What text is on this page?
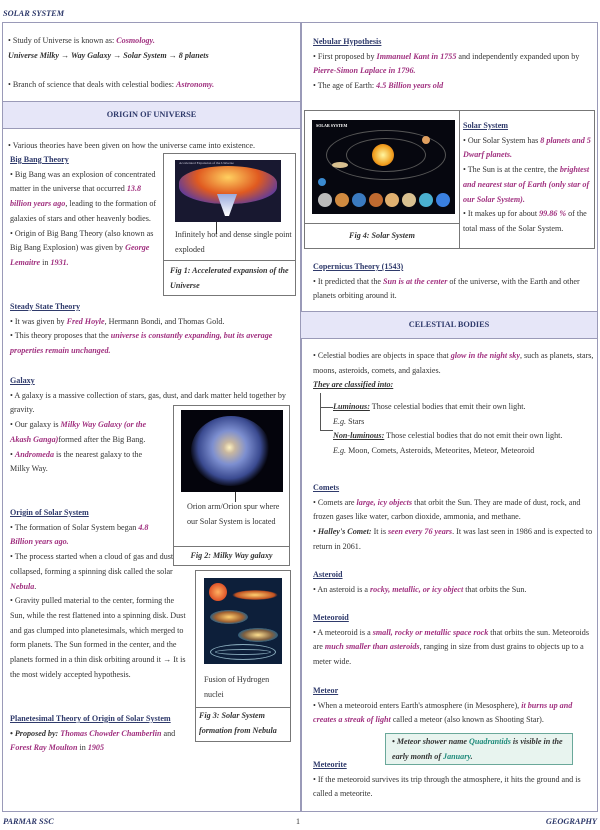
SOLAR SYSTEM

• Study of Universe is known as: Cosmology.

Universe Milky → Way Galaxy → Solar System → 8 planets

• Branch of science that deals with celestial bodies: Astronomy.

ORIGIN OF UNIVERSE
• Various theories have been given on how the universe came into existence.
Big Bang Theory

• Big Bang was an explosion of concentrated matter in the universe that occurred 13.8 billion years ago, leading to the formation of galaxies of stars and other heavenly bodies.

• Origin of Big Bang Theory (also known as Big Bang Explosion) was given by George Lemaitre in 1931.

Accelerated Expansion of the Universe
Infinitely hot and dense single point exploded
Fig 1: Accelerated expansion of the Universe
Steady State Theory

• It was given by Fred Hoyle, Hermann Bondi, and Thomas Gold.

• This theory proposes that the universe is constantly expanding, but its average properties remain unchanged.

Galaxy

• A galaxy is a massive collection of stars, gas, dust, and dark matter held together by gravity.

• Our galaxy is Milky Way Galaxy (or the Akash Ganga)formed after the Big Bang.

• Andromeda is the nearest galaxy to the Milky Way.

Orion arm/Orion spur where our Solar System is located
Fig 2: Milky Way galaxy
Origin of Solar System

• The formation of Solar System began 4.8 Billion years ago.

• The process started when a cloud of gas and dust collapsed, forming a spinning disk called the solar Nebula.

• Gravity pulled material to the center, forming the Sun, while the rest flattened into a spinning disk. Dust and gas clumped into planetesimals, which merged to form planets. The Sun formed in the center, and the planets formed in a thin disk orbiting around it → It is the most widely accepted hypothesis.

Fusion of Hydrogen nuclei
Fig 3: Solar System formation from Nebula
Planetesimal Theory of Origin of Solar System

• Proposed by: Thomas Chowder Chamberlin and Forest Ray Moulton in 1905

Nebular Hypothesis

• First proposed by Immanuel Kant in 1755 and independently expanded upon by Pierre-Simon Laplace in 1796.

• The age of Earth: 4.5 Billion years old

SOLAR SYSTEM
Fig 4: Solar System
Solar System

• Our Solar System has 8 planets and 5 Dwarf planets.

• The Sun is at the centre, the brightest and nearest star of Earth (only star of our Solar System).

• It makes up for about 99.86 % of the total mass of the Solar System.

Copernicus Theory (1543)

• It predicted that the Sun is at the center of the universe, with the Earth and other planets orbiting around it.

CELESTIAL BODIES

• Celestial bodies are objects in space that glow in the night sky, such as planets, stars, moons, asteroids, comets, and galaxies.

They are classified into:

Luminous: Those celestial bodies that emit their own light.

E.g. Stars

Non-luminous: Those celestial bodies that do not emit their own light.

E.g. Moon, Comets, Asteroids, Meteorites, Meteor, Meteoroid

Comets

• Comets are large, icy objects that orbit the Sun. They are made of dust, rock, and frozen gases like water, carbon dioxide, ammonia, and methane.

• Halley's Comet: It is seen every 76 years. It was last seen in 1986 and is expected to return in 2061.

Asteroid

• An asteroid is a rocky, metallic, or icy object that orbits the Sun.

Meteoroid

• A meteoroid is a small, rocky or metallic space rock that orbits the sun. Meteoroids are much smaller than asteroids, ranging in size from dust grains to objects up to a meter wide.

Meteor

• When a meteoroid enters Earth's atmosphere (in Mesosphere), it burns up and creates a streak of light called a meteor (also known as Shooting Star).

• Meteor shower name Quadrantids is visible in the early month of January.
Meteorite

• If the meteoroid survives its trip through the atmosphere, it hits the ground and is called a meteorite.

PARMAR SSC	1	GEOGRAPHY
